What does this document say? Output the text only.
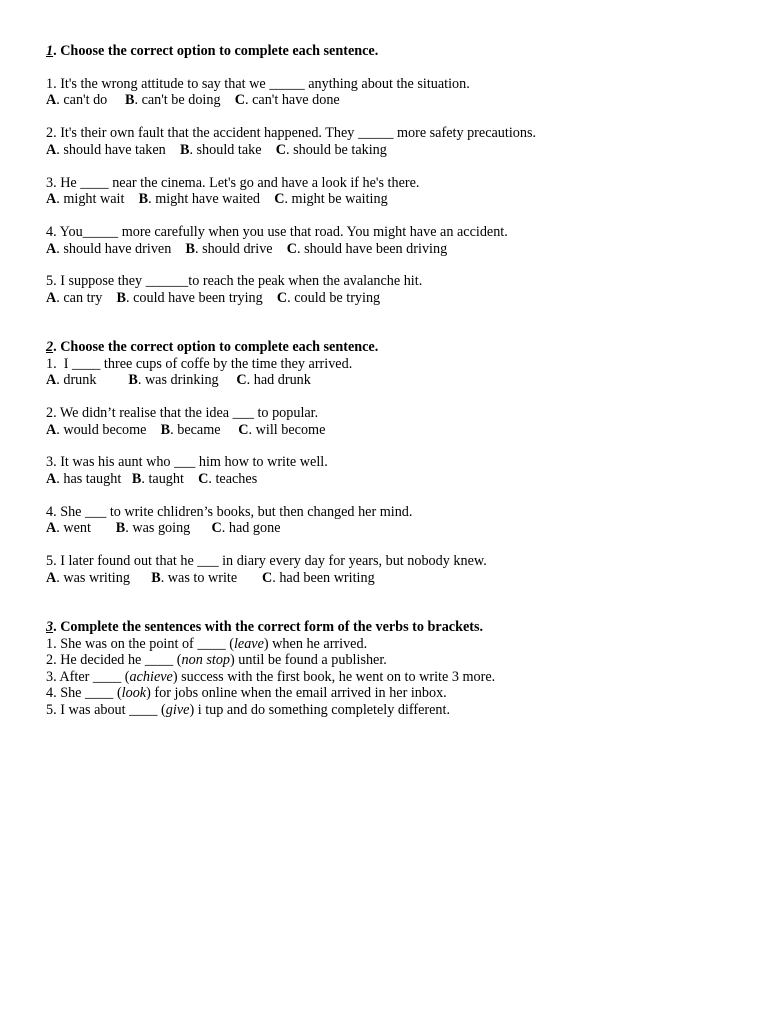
1. Choose the correct option to complete each sentence.
1. It's the wrong attitude to say that we _____ anything about the situation.
A. can't do B. can't be doing C. can't have done
2. It's their own fault that the accident happened. They _____ more safety precautions.
A. should have taken B. should take C. should be taking
3. He ____ near the cinema. Let's go and have a look if he's there.
A. might wait B. might have waited C. might be waiting
4. You_____ more carefully when you use that road. You might have an accident.
A. should have driven B. should drive C. should have been driving
5. I suppose they ______to reach the peak when the avalanche hit.
A. can try B. could have been trying C. could be trying
2. Choose the correct option to complete each sentence.
1.  I ____ three cups of coffe by the time they arrived.
A. drunk B. was drinking C. had drunk
2. We didn’t realise that the idea ___ to popular.
A. would become B. became C. will become
3. It was his aunt who ___ him how to write well.
A. has taught B. taught C. teaches
4. She ___ to write chlidren’s books, but then changed her mind.
A. went B. was going C. had gone
5. I later found out that he ___ in diary every day for years, but nobody knew.
A. was writing B. was to write C. had been writing
3. Complete the sentences with the correct form of the verbs to brackets.
1. She was on the point of ____ (leave) when he arrived.
2. He decided he ____ (non stop) until be found a publisher.
3. After ____ (achieve) success with the first book, he went on to write 3 more.
4. She ____ (look) for jobs online when the email arrived in her inbox.
5. I was about ____ (give) i tup and do something completely different.
